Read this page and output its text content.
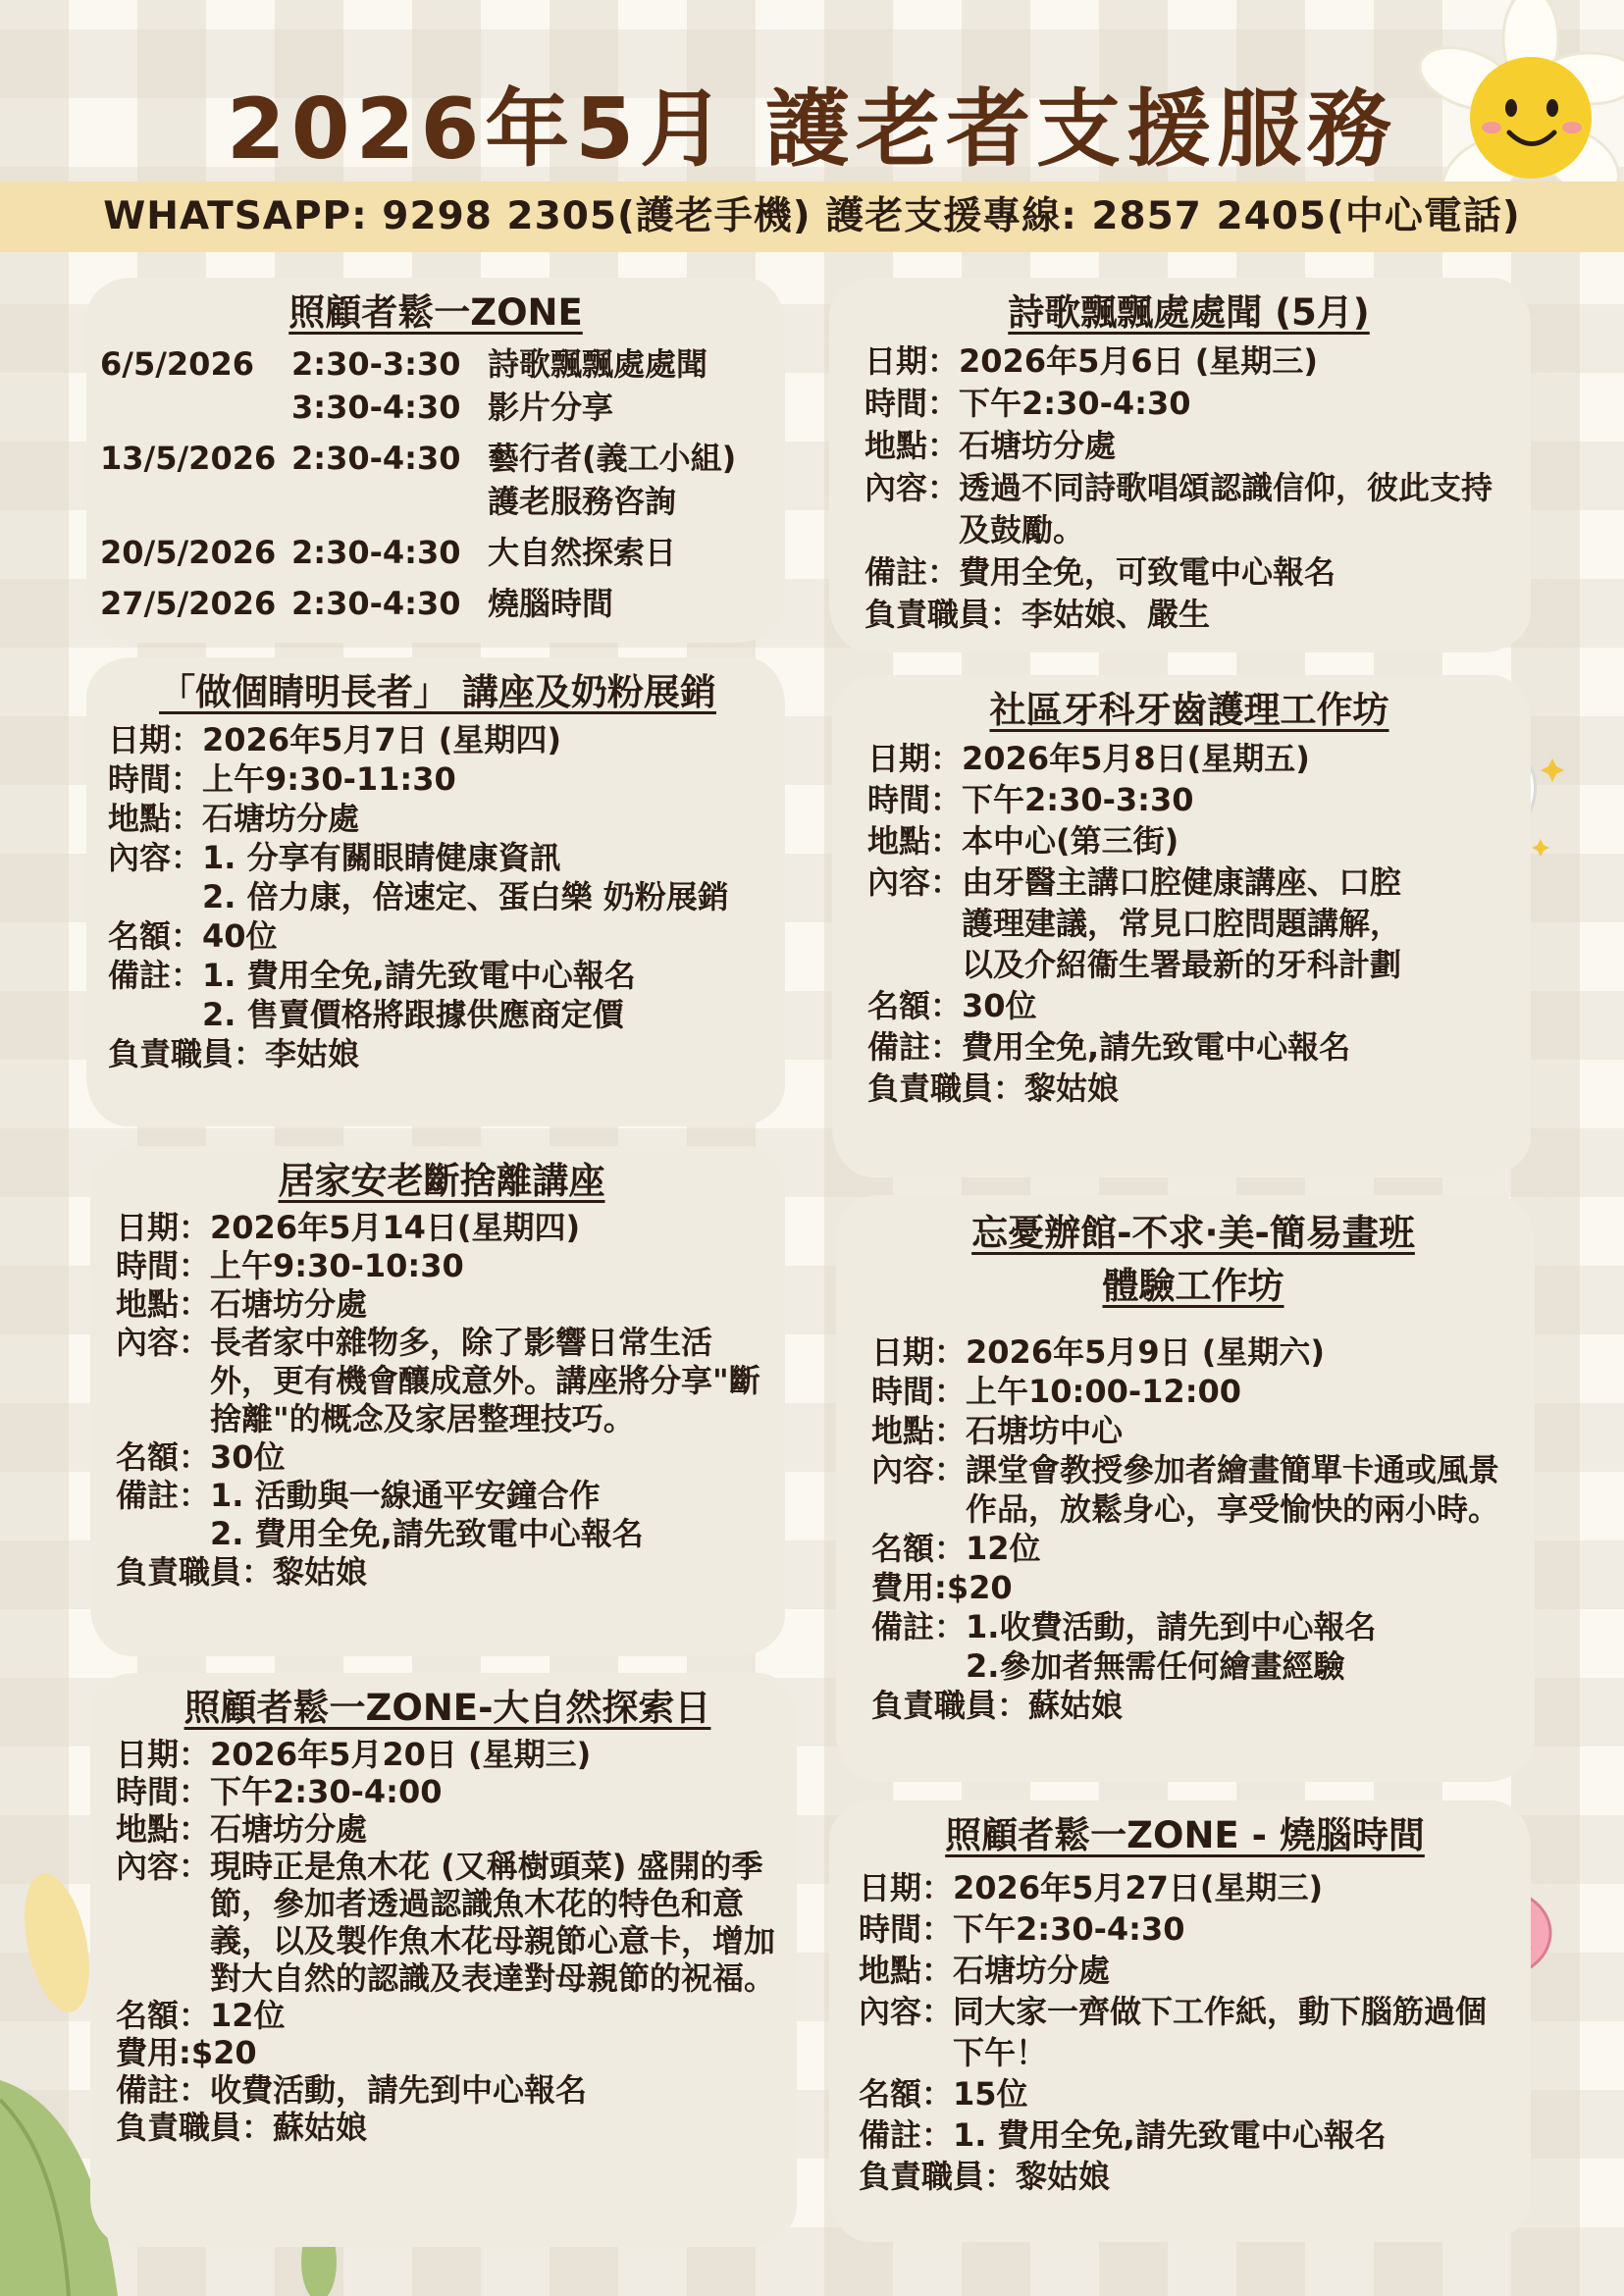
2026年5月 護老者支援服務
WHATSAPP: 9298 2305(護老手機) 護老支援專線: 2857 2405(中心電話)
照顧者鬆一ZONE
6/5/2026	2:30-3:30 詩歌飄飄處處聞
3:30-4:30 影片分享
13/5/2026 2:30-4:30 藝行者(義工小組) 護老服務咨詢
20/5/2026 2:30-4:30 大自然探索日
27/5/2026 2:30-4:30 燒腦時間
「做個睛明長者」 講座及奶粉展銷
日期： 2026年5月7日 (星期四)
時間： 上午9:30-11:30
地點： 石塘坊分處
內容： 1. 分享有關眼睛健康資訊
2. 倍力康，倍速定、蛋白樂 奶粉展銷
名額： 40位
備註： 1. 費用全免,請先致電中心報名
2. 售賣價格將跟據供應商定價
負責職員： 李姑娘
居家安老斷捨離講座
日期： 2026年5月14日(星期四)
時間： 上午9:30-10:30
地點： 石塘坊分處
內容： 長者家中雜物多，除了影響日常生活外，更有機會釀成意外。講座將分享"斷捨離"的概念及家居整理技巧。
名額： 30位
備註： 1. 活動與一線通平安鐘合作
2. 費用全免,請先致電中心報名
負責職員： 黎姑娘
照顧者鬆一ZONE-大自然探索日
日期： 2026年5月20日 (星期三)
時間： 下午2:30-4:00
地點： 石塘坊分處
內容： 現時正是魚木花 (又稱樹頭菜) 盛開的季節，參加者透過認識魚木花的特色和意義，以及製作魚木花母親節心意卡，增加對大自然的認識及表達對母親節的祝福。
名額： 12位
費用: $20
備註： 收費活動，請先到中心報名
負責職員： 蘇姑娘
詩歌飄飄處處聞 (5月)
日期： 2026年5月6日 (星期三)
時間： 下午2:30-4:30
地點： 石塘坊分處
內容： 透過不同詩歌唱頌認識信仰，彼此支持及鼓勵。
備註： 費用全免，可致電中心報名
負責職員： 李姑娘、嚴生
社區牙科牙齒護理工作坊
日期： 2026年5月8日(星期五)
時間： 下午2:30-3:30
地點： 本中心(第三街)
內容： 由牙醫主講口腔健康講座、口腔護理建議，常見口腔問題講解，以及介紹衞生署最新的牙科計劃
名額： 30位
備註： 費用全免,請先致電中心報名
負責職員： 黎姑娘
忘憂辦館-不求·美-簡易畫班
體驗工作坊
日期： 2026年5月9日 (星期六)
時間： 上午10:00-12:00
地點： 石塘坊中心
內容： 課堂會教授參加者繪畫簡單卡通或風景作品，放鬆身心，享受愉快的兩小時。
名額： 12位
費用: $20
備註： 1.收費活動，請先到中心報名
2.參加者無需任何繪畫經驗
負責職員： 蘇姑娘
照顧者鬆一ZONE - 燒腦時間
日期： 2026年5月27日(星期三)
時間： 下午2:30-4:30
地點： 石塘坊分處
內容： 同大家一齊做下工作紙，動下腦筋過個下午！
名額： 15位
備註： 1. 費用全免,請先致電中心報名
負責職員： 黎姑娘
